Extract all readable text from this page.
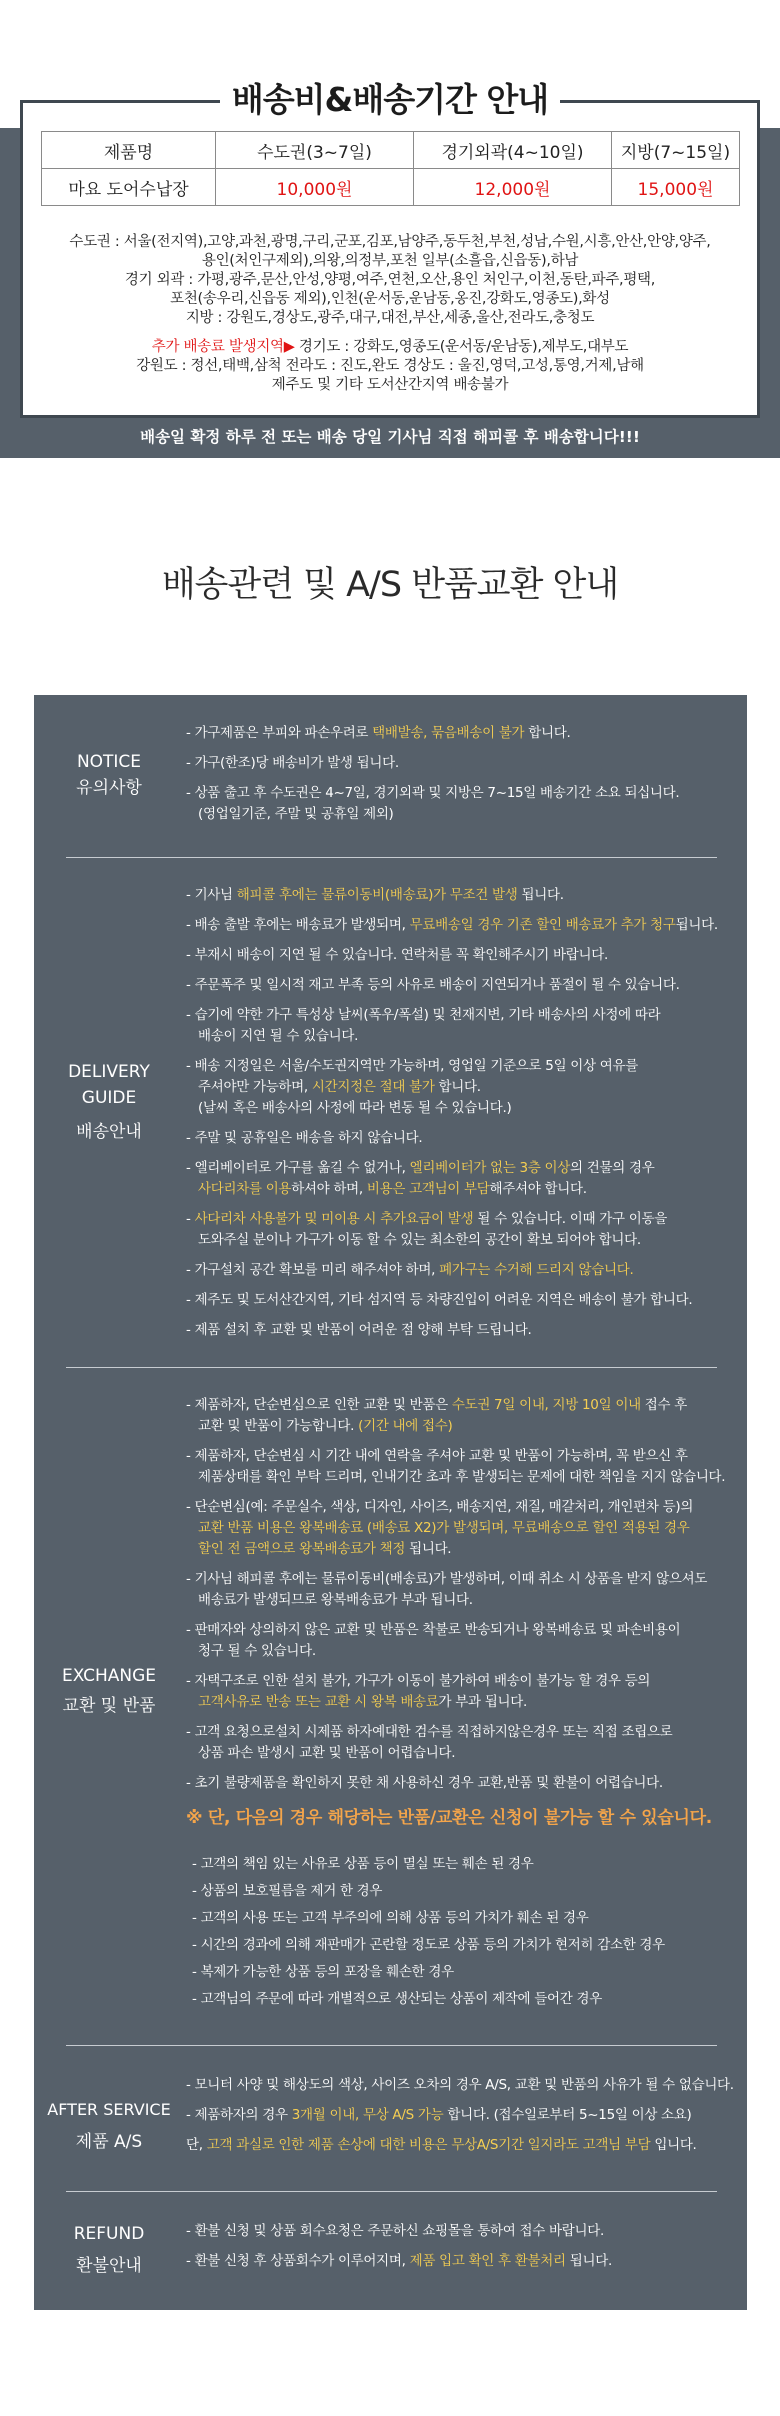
제품명	수도권(3~7일)	경기외곽(4~10일)	지방(7~15일)
마요 도어수납장	10,000원	12,000원	15,000원
수도권 : 서울(전지역),고양,과천,광명,구리,군포,김포,남양주,동두천,부천,성남,수원,시흥,안산,안양,양주,
용인(처인구제외),의왕,의정부,포천 일부(소흘읍,신읍동),하남
경기 외곽 : 가평,광주,문산,안성,양평,여주,연천,오산,용인 처인구,이천,동탄,파주,평택,
포천(송우리,신읍동 제외),인천(운서동,운남동,옹진,강화도,영종도),화성
지방 : 강원도,경상도,광주,대구,대전,부산,세종,울산,전라도,충청도
추가 배송료 발생지역▶ 경기도 : 강화도,영종도(운서동/운남동),제부도,대부도
강원도 : 정선,태백,삼척 전라도 : 진도,완도 경상도 : 울진,영덕,고성,통영,거제,남해
제주도 및 기타 도서산간지역 배송불가
배송비&배송기간 안내
배송일 확정 하루 전 또는 배송 당일 기사님 직접 해피콜 후 배송합니다!!!
배송관련 및 A/S 반품교환 안내
NOTICE
유의사항
- 가구제품은 부피와 파손우려로 택배발송, 묶음배송이 불가 합니다.
- 가구(한조)당 배송비가 발생 됩니다.
- 상품 출고 후 수도권은 4~7일, 경기외곽 및 지방은 7~15일 배송기간 소요 되십니다.
(영업일기준, 주말 및 공휴일 제외)
DELIVERY
GUIDE
배송안내
- 기사님 해피콜 후에는 물류이동비(배송료)가 무조건 발생 됩니다.
- 배송 출발 후에는 배송료가 발생되며, 무료배송일 경우 기존 할인 배송료가 추가 청구됩니다.
- 부재시 배송이 지연 될 수 있습니다. 연락처를 꼭 확인해주시기 바랍니다.
- 주문폭주 및 일시적 재고 부족 등의 사유로 배송이 지연되거나 품절이 될 수 있습니다.
- 습기에 약한 가구 특성상 날씨(폭우/폭설) 및 천재지변, 기타 배송사의 사정에 따라
배송이 지연 될 수 있습니다.
- 배송 지정일은 서울/수도권지역만 가능하며, 영업일 기준으로 5일 이상 여유를
주셔야만 가능하며, 시간지정은 절대 불가 합니다.
(날씨 혹은 배송사의 사정에 따라 변동 될 수 있습니다.)
- 주말 및 공휴일은 배송을 하지 않습니다.
- 엘리베이터로 가구를 옮길 수 없거나, 엘리베이터가 없는 3층 이상의 건물의 경우
사다리차를 이용하셔야 하며, 비용은 고객님이 부담해주셔야 합니다.
- 사다리차 사용불가 및 미이용 시 추가요금이 발생 될 수 있습니다. 이때 가구 이동을
도와주실 분이나 가구가 이동 할 수 있는 최소한의 공간이 확보 되어야 합니다.
- 가구설치 공간 확보를 미리 해주셔야 하며, 폐가구는 수거해 드리지 않습니다.
- 제주도 및 도서산간지역, 기타 섬지역 등 차량진입이 어려운 지역은 배송이 불가 합니다.
- 제품 설치 후 교환 및 반품이 어려운 점 양해 부탁 드립니다.
EXCHANGE
교환 및 반품
- 제품하자, 단순변심으로 인한 교환 및 반품은 수도권 7일 이내, 지방 10일 이내 접수 후
교환 및 반품이 가능합니다. (기간 내에 접수)
- 제품하자, 단순변심 시 기간 내에 연락을 주셔야 교환 및 반품이 가능하며, 꼭 받으신 후
제품상태를 확인 부탁 드리며, 인내기간 초과 후 발생되는 문제에 대한 책임을 지지 않습니다.
- 단순변심(예: 주문실수, 색상, 디자인, 사이즈, 배송지연, 재질, 매갈처리, 개인편차 등)의
교환 반품 비용은 왕복배송료 (배송료 X2)가 발생되며, 무료배송으로 할인 적용된 경우
할인 전 금액으로 왕복배송료가 책정 됩니다.
- 기사님 해피콜 후에는 물류이동비(배송료)가 발생하며, 이때 취소 시 상품을 받지 않으셔도
배송료가 발생되므로 왕복배송료가 부과 됩니다.
- 판매자와 상의하지 않은 교환 및 반품은 착불로 반송되거나 왕복배송료 및 파손비용이
청구 될 수 있습니다.
- 자택구조로 인한 설치 불가, 가구가 이동이 불가하여 배송이 불가능 할 경우 등의
고객사유로 반송 또는 교환 시 왕복 배송료가 부과 됩니다.
- 고객 요청으로설치 시제품 하자예대한 검수를 직접하지않은경우 또는 직접 조립으로
상품 파손 발생시 교환 및 반품이 어렵습니다.
- 초기 불량제품을 확인하지 못한 채 사용하신 경우 교환,반품 및 환불이 어렵습니다.
※ 단, 다음의 경우 해당하는 반품/교환은 신청이 불가능 할 수 있습니다.
- 고객의 책임 있는 사유로 상품 등이 멸실 또는 훼손 된 경우
- 상품의 보호필름을 제거 한 경우
- 고객의 사용 또는 고객 부주의에 의해 상품 등의 가치가 훼손 된 경우
- 시간의 경과에 의해 재판매가 곤란할 정도로 상품 등의 가치가 현저히 감소한 경우
- 복제가 가능한 상품 등의 포장을 훼손한 경우
- 고객님의 주문에 따라 개별적으로 생산되는 상품이 제작에 들어간 경우
AFTER SERVICE
제품 A/S
- 모니터 사양 및 해상도의 색상, 사이즈 오차의 경우 A/S, 교환 및 반품의 사유가 될 수 없습니다.
- 제품하자의 경우 3개월 이내, 무상 A/S 가능 합니다. (접수일로부터 5~15일 이상 소요)
단, 고객 과실로 인한 제품 손상에 대한 비용은 무상A/S기간 일지라도 고객님 부담 입니다.
REFUND
환불안내
- 환불 신청 및 상품 회수요청은 주문하신 쇼핑몰을 통하여 접수 바랍니다.
- 환불 신청 후 상품회수가 이루어지며, 제품 입고 확인 후 환불처리 됩니다.
